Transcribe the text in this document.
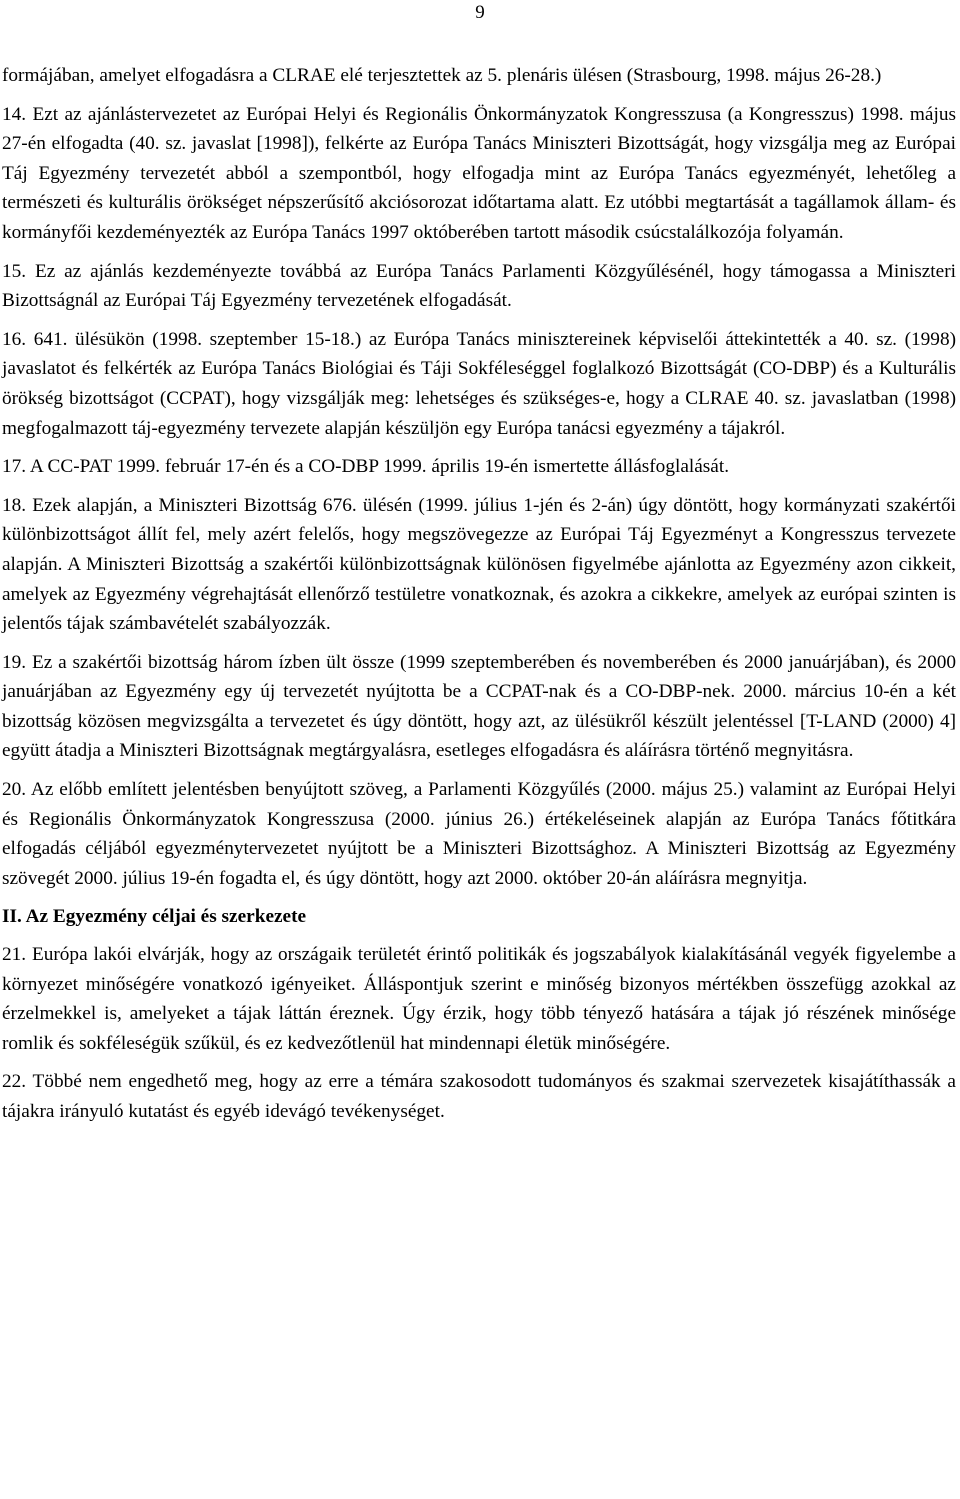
9

formájában, amelyet elfogadásra a CLRAE elé terjesztettek az 5. plenáris ülésen (Strasbourg, 1998. május 26-28.)

14. Ezt az ajánlástervezetet az Európai Helyi és Regionális Önkormányzatok Kongresszusa (a Kongresszus) 1998. május 27-én elfogadta (40. sz. javaslat [1998]), felkérte az Európa Tanács Miniszteri Bizottságát, hogy vizsgálja meg az Európai Táj Egyezmény tervezetét abból a szempontból, hogy elfogadja mint az Európa Tanács egyezményét, lehetőleg a természeti és kulturális örökséget népszerűsítő akciósorozat időtartama alatt. Ez utóbbi megtartását a tagállamok állam- és kormányfői kezdeményezték az Európa Tanács 1997 októberében tartott második csúcstalálkozója folyamán.

15. Ez az ajánlás kezdeményezte továbbá az Európa Tanács Parlamenti Közgyűlésénél, hogy támogassa a Miniszteri Bizottságnál az Európai Táj Egyezmény tervezetének elfogadását.

16. 641. ülésükön (1998. szeptember 15-18.) az Európa Tanács minisztereinek képviselői áttekintették a 40. sz. (1998) javaslatot és felkérték az Európa Tanács Biológiai és Táji Sokféleséggel foglalkozó Bizottságát (CO-DBP) és a Kulturális örökség bizottságot (CCPAT), hogy vizsgálják meg: lehetséges és szükséges-e, hogy a CLRAE 40. sz. javaslatban (1998) megfogalmazott táj-egyezmény tervezete alapján készüljön egy Európa tanácsi egyezmény a tájakról.

17. A CC-PAT 1999. február 17-én és a CO-DBP 1999. április 19-én ismertette állásfoglalását.

18. Ezek alapján, a Miniszteri Bizottság 676. ülésén (1999. július 1-jén és 2-án) úgy döntött, hogy kormányzati szakértői különbizottságot állít fel, mely azért felelős, hogy megszövegezze az Európai Táj Egyezményt a Kongresszus tervezete alapján. A Miniszteri Bizottság a szakértői különbizottságnak különösen figyelmébe ajánlotta az Egyezmény azon cikkeit, amelyek az Egyezmény végrehajtását ellenőrző testületre vonatkoznak, és azokra a cikkekre, amelyek az európai szinten is jelentős tájak számbavételét szabályozzák.

19. Ez a szakértői bizottság három ízben ült össze (1999 szeptemberében és novemberében és 2000 januárjában), és 2000 januárjában az Egyezmény egy új tervezetét nyújtotta be a CCPAT-nak és a CO-DBP-nek. 2000. március 10-én a két bizottság közösen megvizsgálta a tervezetet és úgy döntött, hogy azt, az ülésükről készült jelentéssel [T-LAND (2000) 4] együtt átadja a Miniszteri Bizottságnak megtárgyalásra, esetleges elfogadásra és aláírásra történő megnyitásra.

20. Az előbb említett jelentésben benyújtott szöveg, a Parlamenti Közgyűlés (2000. május 25.) valamint az Európai Helyi és Regionális Önkormányzatok Kongresszusa (2000. június 26.) értékeléseinek alapján az Európa Tanács főtitkára elfogadás céljából egyezménytervezetet nyújtott be a Miniszteri Bizottsághoz. A Miniszteri Bizottság az Egyezmény szövegét 2000. július 19-én fogadta el, és úgy döntött, hogy azt 2000. október 20-án aláírásra megnyitja.

II. Az Egyezmény céljai és szerkezete

21. Európa lakói elvárják, hogy az országaik területét érintő politikák és jogszabályok kialakításánál vegyék figyelembe a környezet minőségére vonatkozó igényeiket. Álláspontjuk szerint e minőség bizonyos mértékben összefügg azokkal az érzelmekkel is, amelyeket a tájak láttán éreznek. Úgy érzik, hogy több tényező hatására a tájak jó részének minősége romlik és sokféleségük szűkül, és ez kedvezőtlenül hat mindennapi életük minőségére.

22. Többé nem engedhető meg, hogy az erre a témára szakosodott tudományos és szakmai szervezetek kisajátíthassák a tájakra irányuló kutatást és egyéb idevágó tevékenységet.
